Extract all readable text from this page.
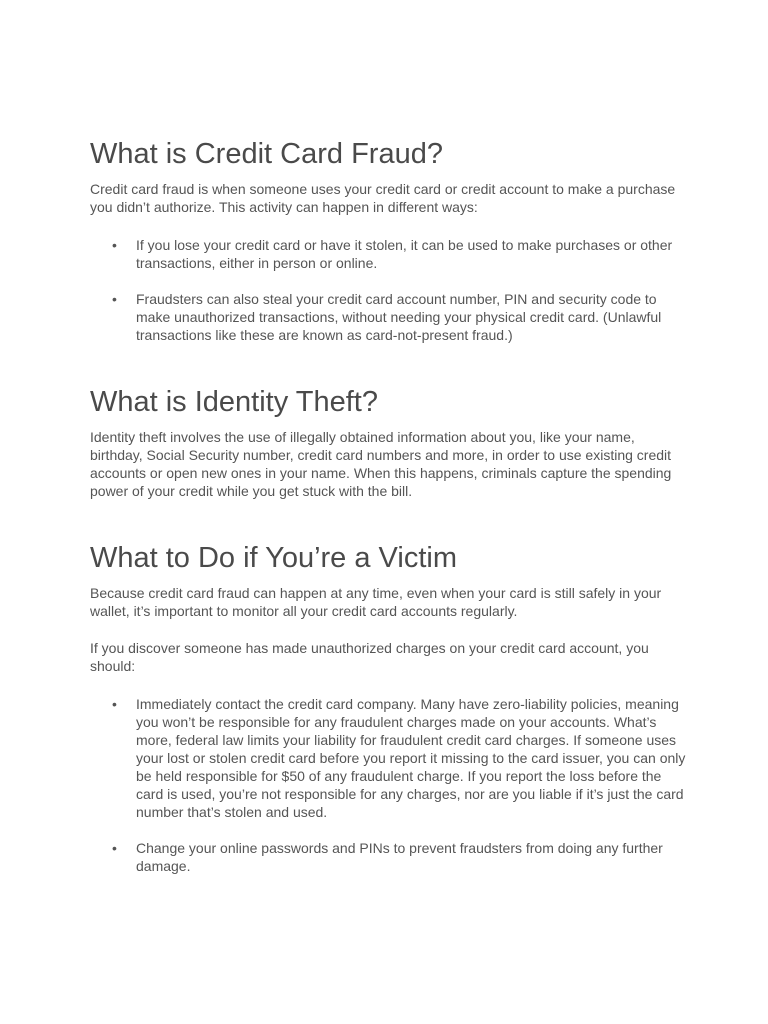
What is Credit Card Fraud?

Credit card fraud is when someone uses your credit card or credit account to make a purchase you didn’t authorize. This activity can happen in different ways:

• If you lose your credit card or have it stolen, it can be used to make purchases or other transactions, either in person or online.
• Fraudsters can also steal your credit card account number, PIN and security code to make unauthorized transactions, without needing your physical credit card. (Unlawful transactions like these are known as card-not-present fraud.)
What is Identity Theft?

Identity theft involves the use of illegally obtained information about you, like your name, birthday, Social Security number, credit card numbers and more, in order to use existing credit accounts or open new ones in your name. When this happens, criminals capture the spending power of your credit while you get stuck with the bill.

What to Do if You’re a Victim

Because credit card fraud can happen at any time, even when your card is still safely in your wallet, it’s important to monitor all your credit card accounts regularly.

If you discover someone has made unauthorized charges on your credit card account, you should:

• Immediately contact the credit card company. Many have zero-liability policies, meaning you won’t be responsible for any fraudulent charges made on your accounts. What’s more, federal law limits your liability for fraudulent credit card charges. If someone uses your lost or stolen credit card before you report it missing to the card issuer, you can only be held responsible for $50 of any fraudulent charge. If you report the loss before the card is used, you’re not responsible for any charges, nor are you liable if it’s just the card number that’s stolen and used.
• Change your online passwords and PINs to prevent fraudsters from doing any further damage.
